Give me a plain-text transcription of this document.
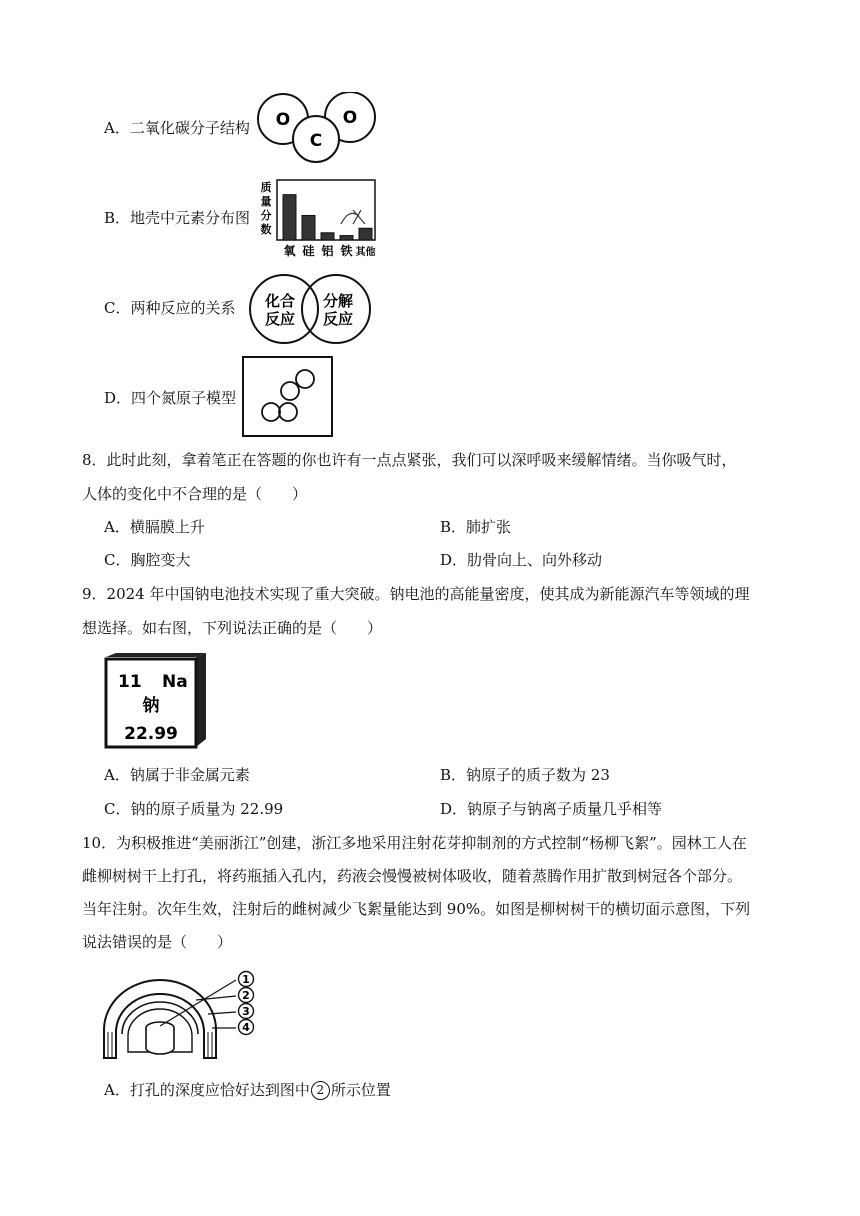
A．二氧化碳分子结构 O	O
C
B．地壳中元素分布图
质
量
分
数
氧 硅 铝 铁 其他
C．两种反应的关系 化合
反应
分解
反应
D．四个氮原子模型
8．此时此刻，拿着笔正在答题的你也许有一点点紧张，我们可以深呼吸来缓解情绪。当你吸气时，
人体的变化中不合理的是（　　）
A．横膈膜上升	B．肺扩张
C．胸腔变大	D．肋骨向上、向外移动
9．2024 年中国钠电池技术实现了重大突破。钠电池的高能量密度，使其成为新能源汽车等领域的理
想选择。如右图，下列说法正确的是（　　）
11 Na
钠
22.99
A．钠属于非金属元素	B．钠原子的质子数为 23
C．钠的原子质量为 22.99	D．钠原子与钠离子质量几乎相等
10．为积极推进“美丽浙江”创建，浙江多地采用注射花芽抑制剂的方式控制“杨柳飞絮”。园林工人在
雌柳树树干上打孔，将药瓶插入孔内，药液会慢慢被树体吸收，随着蒸腾作用扩散到树冠各个部分。
当年注射。次年生效，注射后的雌树减少飞絮量能达到 90%。如图是柳树树干的横切面示意图，下列
说法错误的是（　　）
1
2
3
4
A．打孔的深度应恰好达到图中 2 所示位置
